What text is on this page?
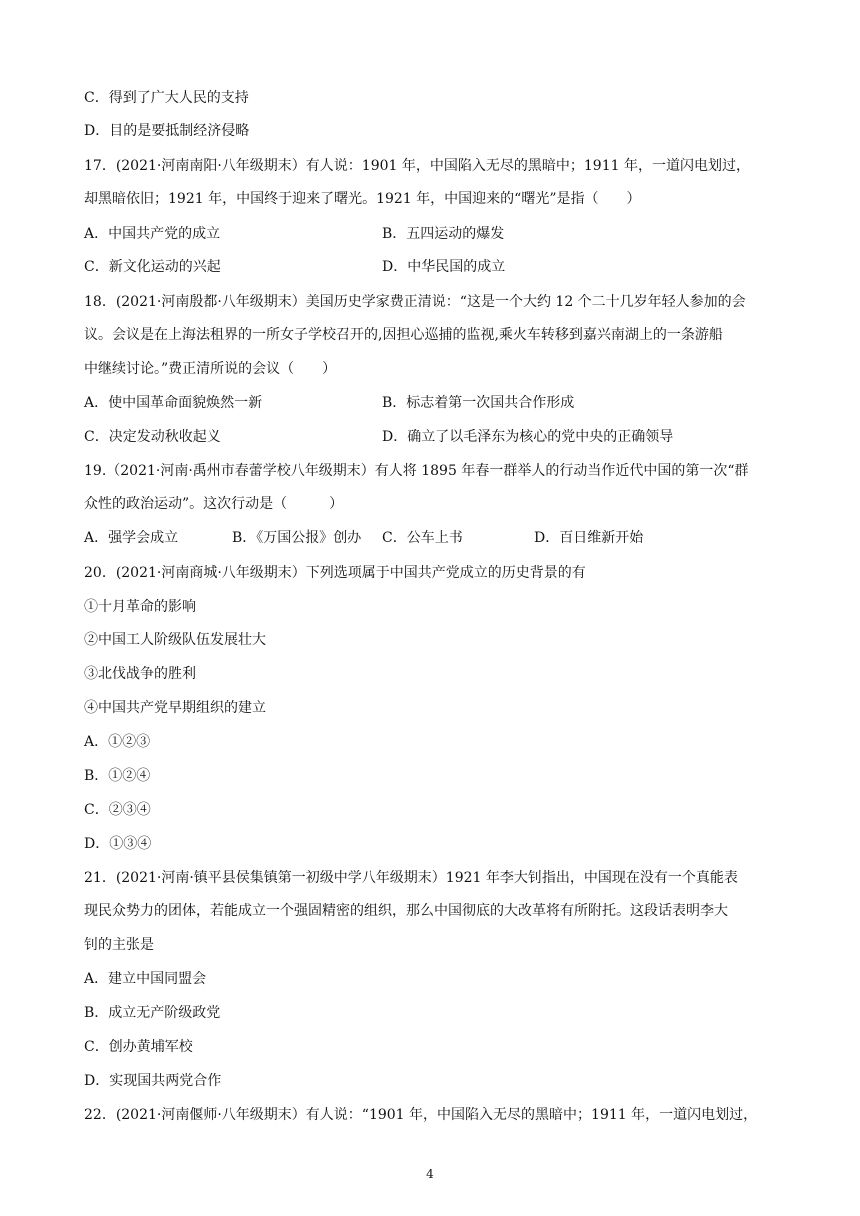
C．得到了广大人民的支持
D．目的是要抵制经济侵略
17．(2021·河南南阳·八年级期末）有人说：1901 年，中国陷入无尽的黑暗中；1911 年，一道闪电划过，
却黑暗依旧；1921 年，中国终于迎来了曙光。1921 年，中国迎来的“曙光”是指（　　）
A．中国共产党的成立	B．五四运动的爆发
C．新文化运动的兴起	D．中华民国的成立
18．(2021·河南殷都·八年级期末）美国历史学家费正清说：“这是一个大约 12 个二十几岁年轻人参加的会
议。会议是在上海法租界的一所女子学校召开的,因担心巡捕的监视,乘火车转移到嘉兴南湖上的一条游船
中继续讨论。”费正清所说的会议（　　）
A．使中国革命面貌焕然一新	B．标志着第一次国共合作形成
C．决定发动秋收起义	D．确立了以毛泽东为核心的党中央的正确领导
19.（2021·河南·禹州市春蕾学校八年级期末）有人将 1895 年春一群举人的行动当作近代中国的第一次“群
众性的政治运动”。这次行动是（　　　）
A．强学会成立	B．《万国公报》创办 C．公车上书	D．百日维新开始
20．(2021·河南商城·八年级期末）下列选项属于中国共产党成立的历史背景的有
①十月革命的影响
②中国工人阶级队伍发展壮大
③北伐战争的胜利
④中国共产党早期组织的建立
A．①②③
B．①②④
C．②③④
D．①③④
21．(2021·河南·镇平县侯集镇第一初级中学八年级期末）1921 年李大钊指出，中国现在没有一个真能表
现民众势力的团体，若能成立一个强固精密的组织，那么中国彻底的大改革将有所附托。这段话表明李大
钊的主张是
A．建立中国同盟会
B．成立无产阶级政党
C．创办黄埔军校
D．实现国共两党合作
22．(2021·河南偃师·八年级期末）有人说：“1901 年，中国陷入无尽的黑暗中；1911 年，一道闪电划过，
4
